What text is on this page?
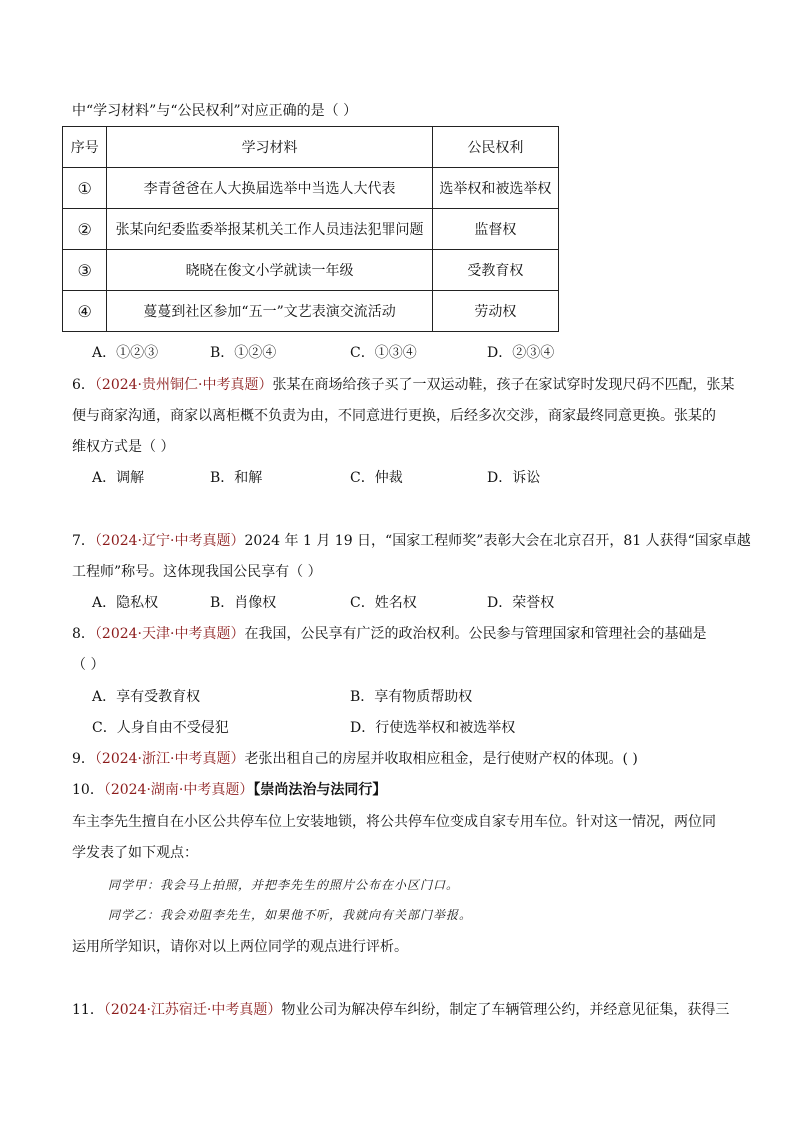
中“学习材料”与“公民权利”对应正确的是（ ）
序号	学习材料	公民权利
①	李青爸爸在人大换届选举中当选人大代表	选举权和被选举权
②	张某向纪委监委举报某机关工作人员违法犯罪问题	监督权
③	晓晓在俊文小学就读一年级	受教育权
④	蔓蔓到社区参加“五一”文艺表演交流活动	劳动权
A．①②③	B．①②④	C．①③④	D．②③④
6．（2024·贵州铜仁·中考真题）张某在商场给孩子买了一双运动鞋，孩子在家试穿时发现尺码不匹配，张某
便与商家沟通，商家以离柜概不负责为由，不同意进行更换，后经多次交涉，商家最终同意更换。张某的
维权方式是（ ）
A．调解	B．和解	C．仲裁	D．诉讼
7．（2024·辽宁·中考真题）2024 年 1 月 19 日，“国家工程师奖”表彰大会在北京召开，81 人获得“国家卓越
工程师”称号。这体现我国公民享有（ ）
A．隐私权	B．肖像权	C．姓名权	D．荣誉权
8．（2024·天津·中考真题）在我国，公民享有广泛的政治权利。公民参与管理国家和管理社会的基础是
（ ）
A．享有受教育权	B．享有物质帮助权
C．人身自由不受侵犯	D．行使选举权和被选举权
9．（2024·浙江·中考真题）老张出租自己的房屋并收取相应租金，是行使财产权的体现。( )
10．（2024·湖南·中考真题）【崇尚法治与法同行】
车主李先生擅自在小区公共停车位上安装地锁，将公共停车位变成自家专用车位。针对这一情况，两位同
学发表了如下观点：
同学甲：我会马上拍照，并把李先生的照片公布在小区门口。
同学乙：我会劝阻李先生，如果他不听，我就向有关部门举报。
运用所学知识，请你对以上两位同学的观点进行评析。
11．（2024·江苏宿迁·中考真题）物业公司为解决停车纠纷，制定了车辆管理公约，并经意见征集，获得三
